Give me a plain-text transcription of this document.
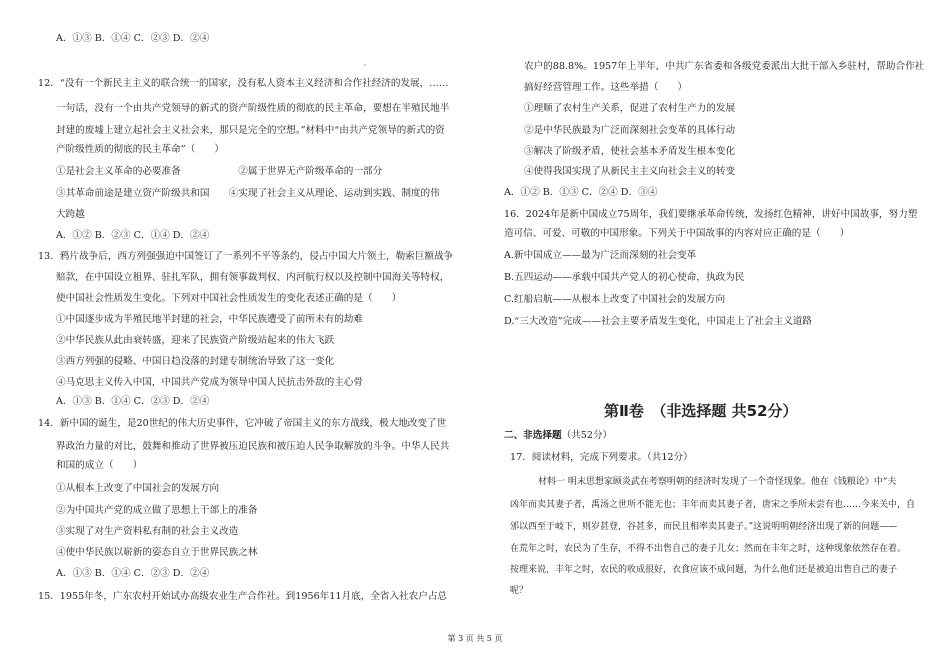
A．①③ B．①④ C．②③ D．②④
12．“没有一个新民主主义的联合统一的国家，没有私人资本主义经济和合作社经济的发展，……
一句话，没有一个由共产党领导的新式的资产阶级性质的彻底的民主革命，要想在半殖民地半
封建的废墟上建立起社会主义社会来，那只是完全的空想。”材料中“由共产党领导的新式的资
产阶级性质的彻底的民主革命”（　　）
①是社会主义革命的必要准备　　　　　　②属于世界无产阶级革命的一部分
③其革命前途是建立资产阶级共和国　　④实现了社会主义从理论、运动到实践、制度的伟
大跨越
A．①② B．②③ C．①④ D．②④
13．鸦片战争后，西方列强强迫中国签订了一系列不平等条约，侵占中国大片领土，勒索巨额战争
赔款，在中国设立租界、驻扎军队，拥有领事裁判权、内河航行权以及控制中国海关等特权，
使中国社会性质发生变化。下列对中国社会性质发生的变化表述正确的是（　　）
①中国逐步成为半殖民地半封建的社会，中华民族遭受了前所未有的劫难
②中华民族从此由衰转盛，迎来了民族资产阶级站起来的伟大飞跃
③西方列强的侵略、中国日趋没落的封建专制统治导致了这一变化
④马克思主义传入中国，中国共产党成为领导中国人民抗击外敌的主心骨
A．①③ B．①④ C．②③ D．②④
14．新中国的诞生，是20世纪的伟大历史事件，它冲破了帝国主义的东方战线，极大地改变了世
界政治力量的对比，鼓舞和推动了世界被压迫民族和被压迫人民争取解放的斗争。中华人民共
和国的成立（　　）
①从根本上改变了中国社会的发展方向
②为中国共产党的成立做了思想上干部上的准备
③实现了对生产资料私有制的社会主义改造
④使中华民族以崭新的姿态自立于世界民族之林
A．①③ B．①④ C．②③ D．②④
15．1955年冬，广东农村开始试办高级农业生产合作社。到1956年11月底，全省入社农户占总
农户的88.8%。1957年上半年，中共广东省委和各级党委派出大批干部入乡驻村，帮助合作社
搞好经营管理工作。这些举措（　　）
①理顺了农村生产关系，促进了农村生产力的发展
②是中华民族最为广泛而深刻社会变革的具体行动
③解决了阶级矛盾，使社会基本矛盾发生根本变化
④使得我国实现了从新民主主义向社会主义的转变
A．①② B．①③ C．②④ D．③④
16．2024年是新中国成立75周年，我们要继承革命传统，发扬红色精神，讲好中国故事，努力塑
造可信、可爱、可敬的中国形象。下列关于中国故事的内容对应正确的是（　　）
A.新中国成立——最为广泛而深刻的社会变革
B.五四运动——承载中国共产党人的初心使命，执政为民
C.红船启航——从根本上改变了中国社会的发展方向
D.“三大改造”完成——社会主要矛盾发生变化，中国走上了社会主义道路
第Ⅱ卷　（非选择题 共52分）
二、非选择题（共52分）
17．阅读材料，完成下列要求。（共12分）
材料一 明末思想家顾炎武在考察明朝的经济时发现了一个奇怪现象。他在《钱粮论》中“夫
凶年而卖其妻子者，禹汤之世所不能无也；丰年而卖其妻子者，唐宋之季所未尝有也……今来关中，自
邠以西至于岐下，则岁甚登，谷甚多，而民且相率卖其妻子。”这说明明朝经济出现了新的问题——
在荒年之时，农民为了生存，不得不出售自己的妻子儿女；然而在丰年之时，这种现象依然存在着。
按理来说，丰年之时，农民的收成很好，衣食应该不成问题，为什么他们还是被迫出售自己的妻子
呢？
第 3 页 共 5 页
